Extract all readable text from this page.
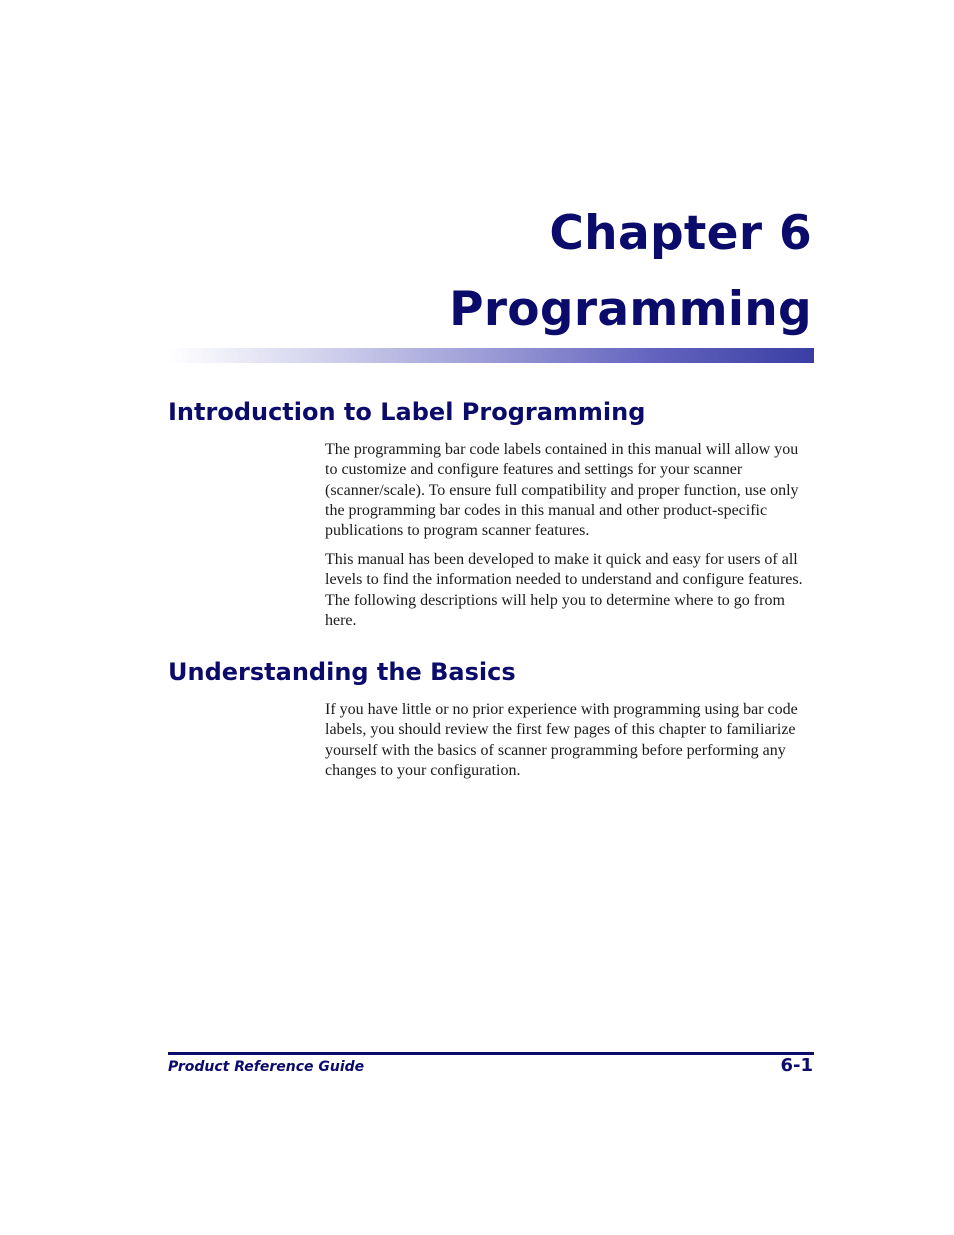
Chapter 6
Programming
Introduction to Label Programming

The programming bar code labels contained in this manual will allow you to customize and configure features and settings for your scanner (scanner/scale). To ensure full compatibility and proper function, use only the programming bar codes in this manual and other product-specific publications to program scanner features.

This manual has been developed to make it quick and easy for users of all levels to find the information needed to understand and configure features. The following descriptions will help you to determine where to go from here.

Understanding the Basics

If you have little or no prior experience with programming using bar code labels, you should review the first few pages of this chapter to familiarize yourself with the basics of scanner programming before performing any changes to your configuration.

Product Reference Guide	6-1
